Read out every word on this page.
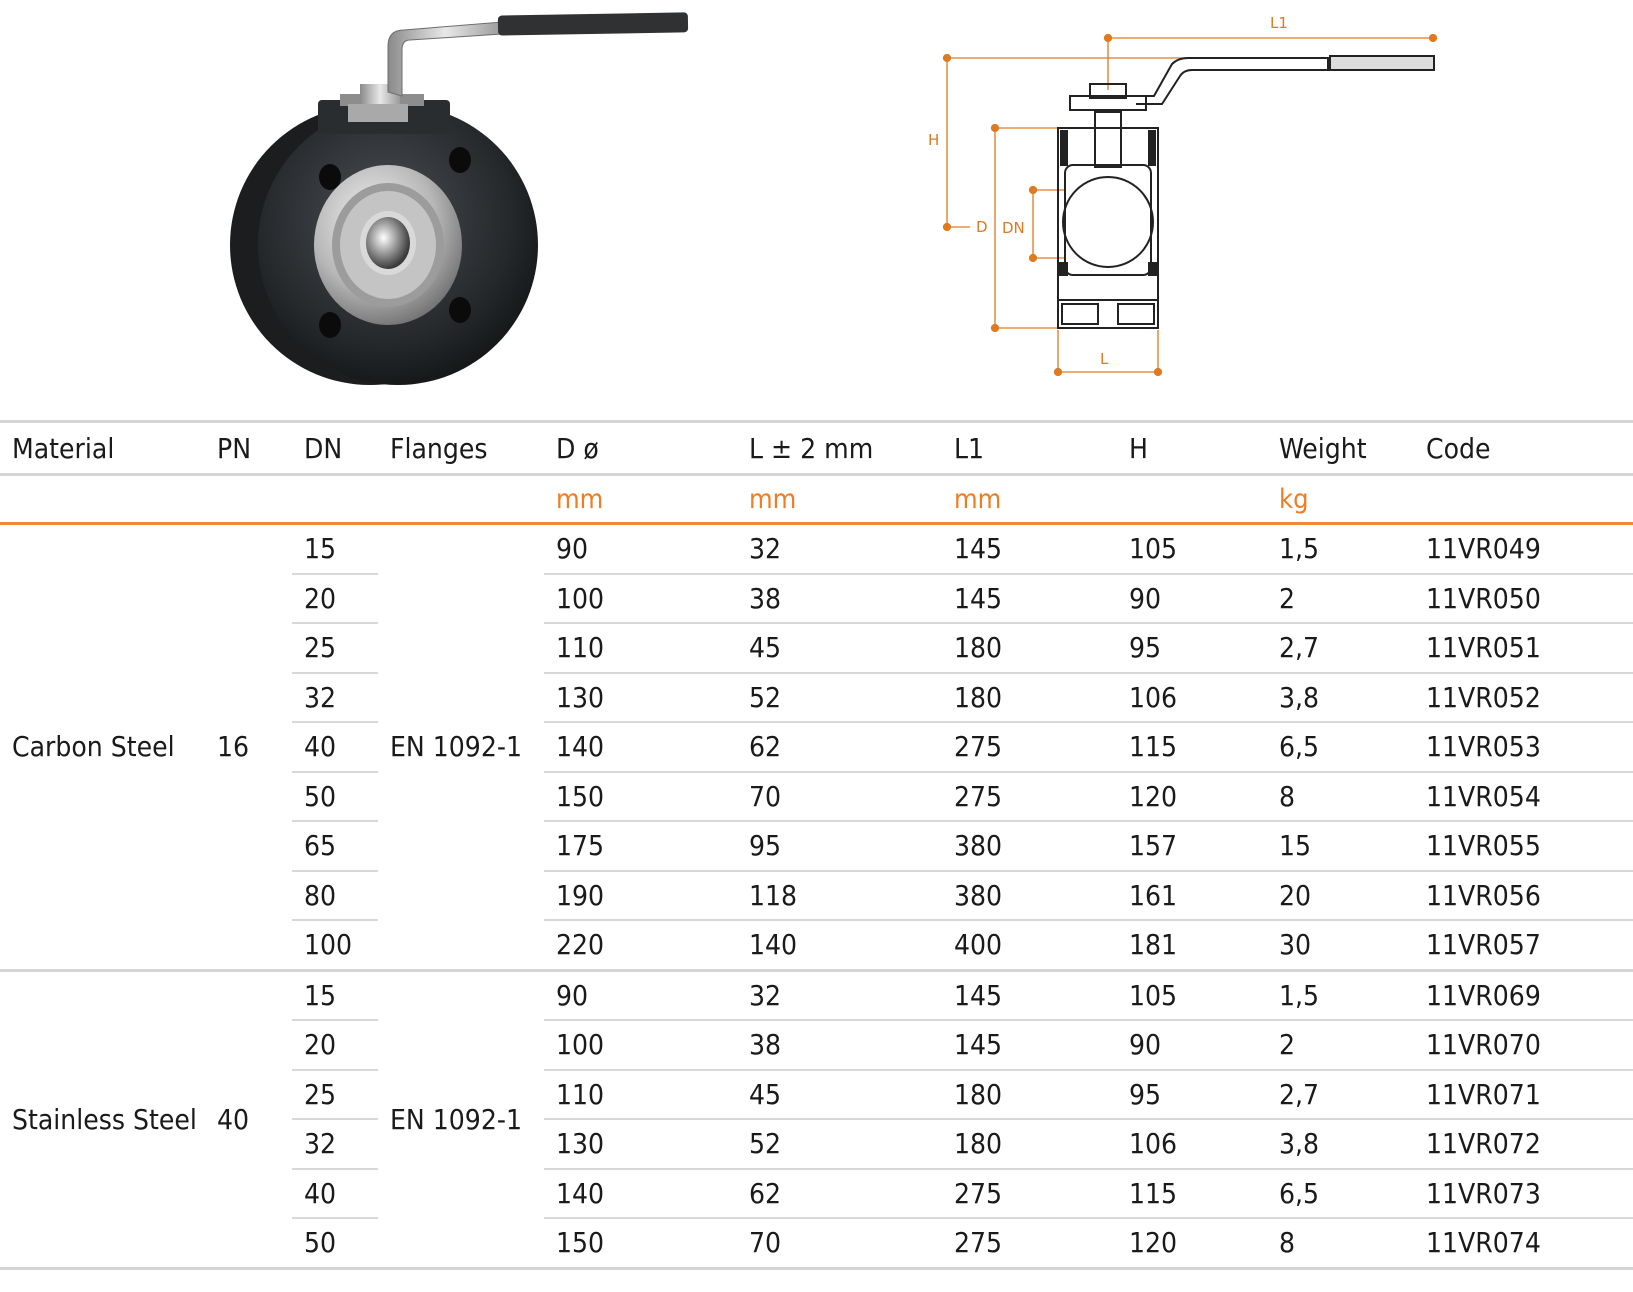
L1
H
D DN
L
Material	PN	DN	Flanges	D ø	L ± 2 mm	L1	H	Weight	Code
				mm	mm	mm		kg	
Carbon Steel	16	15	EN 1092-1	90	32	145	105	1,5	11VR049
		20		100	38	145	90	2	11VR050
		25		110	45	180	95	2,7	11VR051
		32		130	52	180	106	3,8	11VR052
		40		140	62	275	115	6,5	11VR053
		50		150	70	275	120	8	11VR054
		65		175	95	380	157	15	11VR055
		80		190	118	380	161	20	11VR056
		100		220	140	400	181	30	11VR057
Stainless Steel	40	15	EN 1092-1	90	32	145	105	1,5	11VR069
		20		100	38	145	90	2	11VR070
		25		110	45	180	95	2,7	11VR071
		32		130	52	180	106	3,8	11VR072
		40		140	62	275	115	6,5	11VR073
		50		150	70	275	120	8	11VR074
